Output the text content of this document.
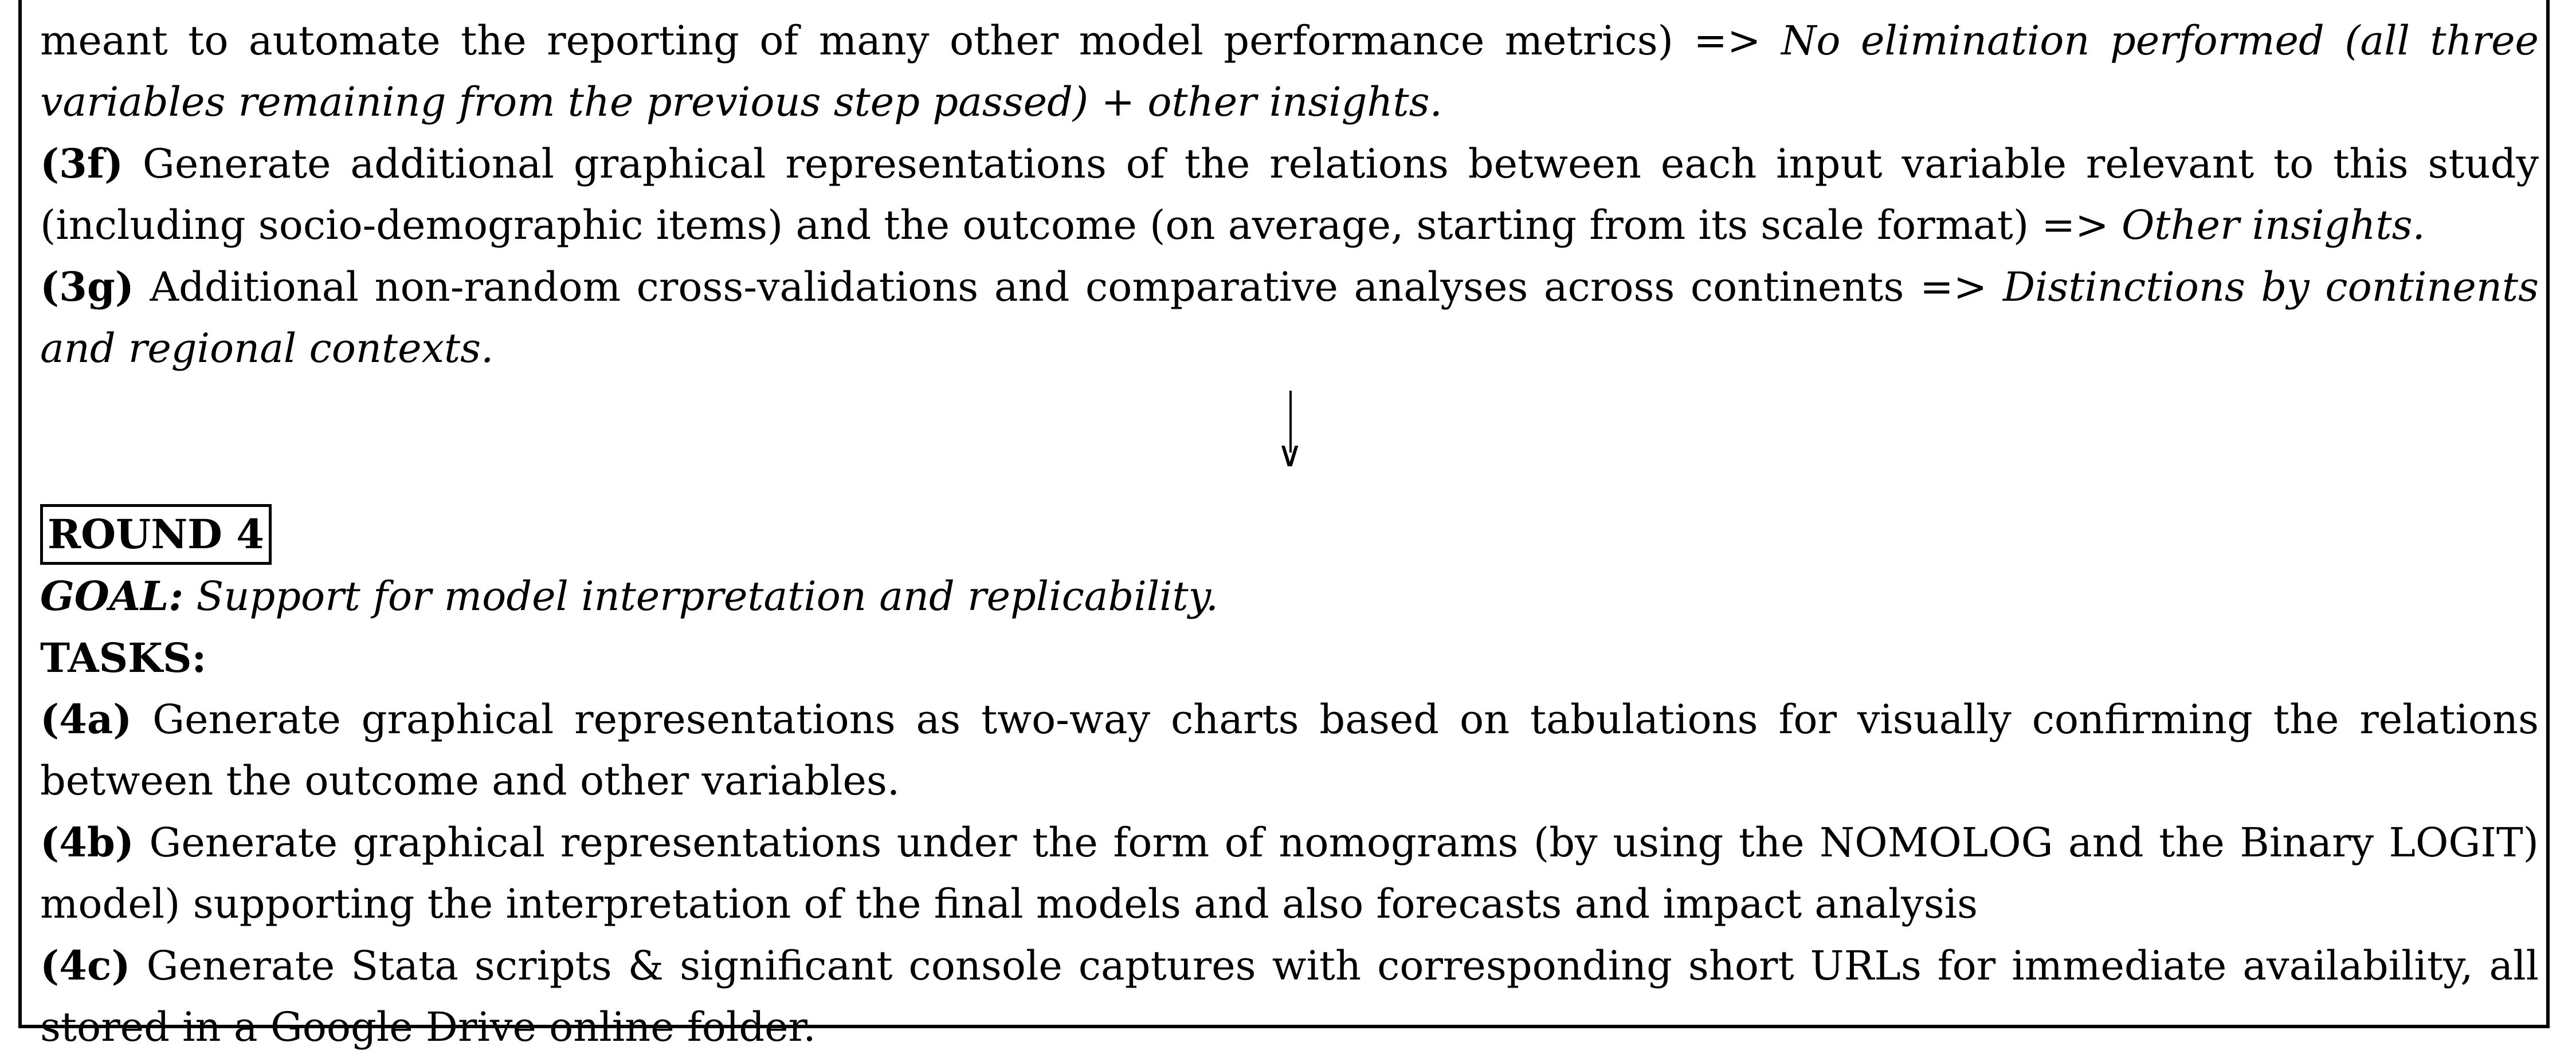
meant to automate the reporting of many other model performance metrics) => No elimination performed (all three variables remaining from the previous step passed) + other insights.

(3f) Generate additional graphical representations of the relations between each input variable relevant to this study (including socio-demographic items) and the outcome (on average, starting from its scale format) => Other insights.

(3g) Additional non-random cross-validations and comparative analyses across continents => Distinctions by continents and regional contexts.

∨
ROUND 4

GOAL: Support for model interpretation and replicability.

TASKS:

(4a) Generate graphical representations as two-way charts based on tabulations for visually confirming the relations between the outcome and other variables.

(4b) Generate graphical representations under the form of nomograms (by using the NOMOLOG and the Binary LOGIT) model) supporting the interpretation of the final models and also forecasts and impact analysis

(4c) Generate Stata scripts & significant console captures with corresponding short URLs for immediate availability, all stored in a Google Drive online folder.
